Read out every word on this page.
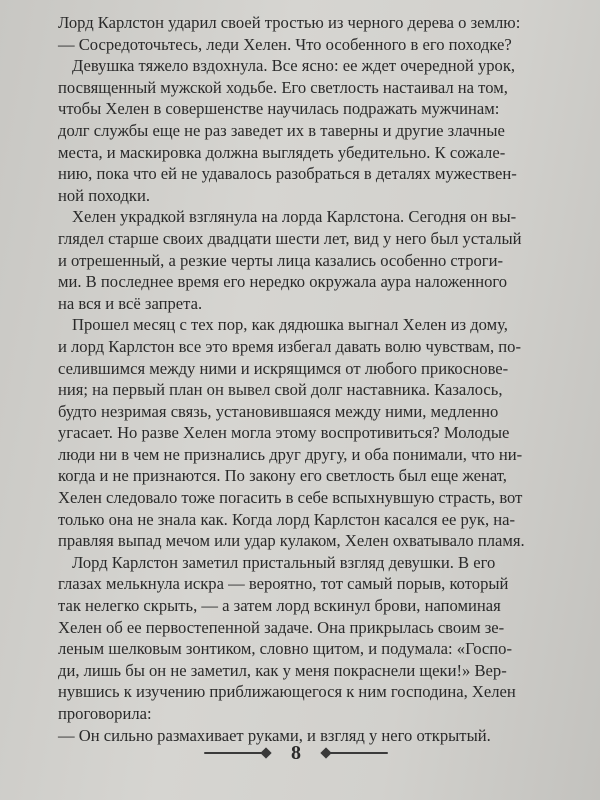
Лорд Карлстон ударил своей тростью из черного дерева о землю:
— Сосредоточьтесь, леди Хелен. Что особенного в его походке?
Девушка тяжело вздохнула. Все ясно: ее ждет очередной урок,
посвященный мужской ходьбе. Его светлость настаивал на том,
чтобы Хелен в совершенстве научилась подражать мужчинам:
долг службы еще не раз заведет их в таверны и другие злачные
места, и маскировка должна выглядеть убедительно. К сожале-
нию, пока что ей не удавалось разобраться в деталях мужествен-
ной походки.
Хелен украдкой взглянула на лорда Карлстона. Сегодня он вы-
глядел старше своих двадцати шести лет, вид у него был усталый
и отрешенный, а резкие черты лица казались особенно строги-
ми. В последнее время его нередко окружала аура наложенного
на вся и всё запрета.
Прошел месяц с тех пор, как дядюшка выгнал Хелен из дому,
и лорд Карлстон все это время избегал давать волю чувствам, по-
селившимся между ними и искрящимся от любого прикоснове-
ния; на первый план он вывел свой долг наставника. Казалось,
будто незримая связь, установившаяся между ними, медленно
угасает. Но разве Хелен могла этому воспротивиться? Молодые
люди ни в чем не признались друг другу, и оба понимали, что ни-
когда и не признаются. По закону его светлость был еще женат,
Хелен следовало тоже погасить в себе вспыхнувшую страсть, вот
только она не знала как. Когда лорд Карлстон касался ее рук, на-
правляя выпад мечом или удар кулаком, Хелен охватывало пламя.
Лорд Карлстон заметил пристальный взгляд девушки. В его
глазах мелькнула искра — вероятно, тот самый порыв, который
так нелегко скрыть, — а затем лорд вскинул брови, напоминая
Хелен об ее первостепенной задаче. Она прикрылась своим зе-
леным шелковым зонтиком, словно щитом, и подумала: «Госпо-
ди, лишь бы он не заметил, как у меня покраснели щеки!» Вер-
нувшись к изучению приближающегося к ним господина, Хелен
проговорила:
— Он сильно размахивает руками, и взгляд у него открытый.
8
